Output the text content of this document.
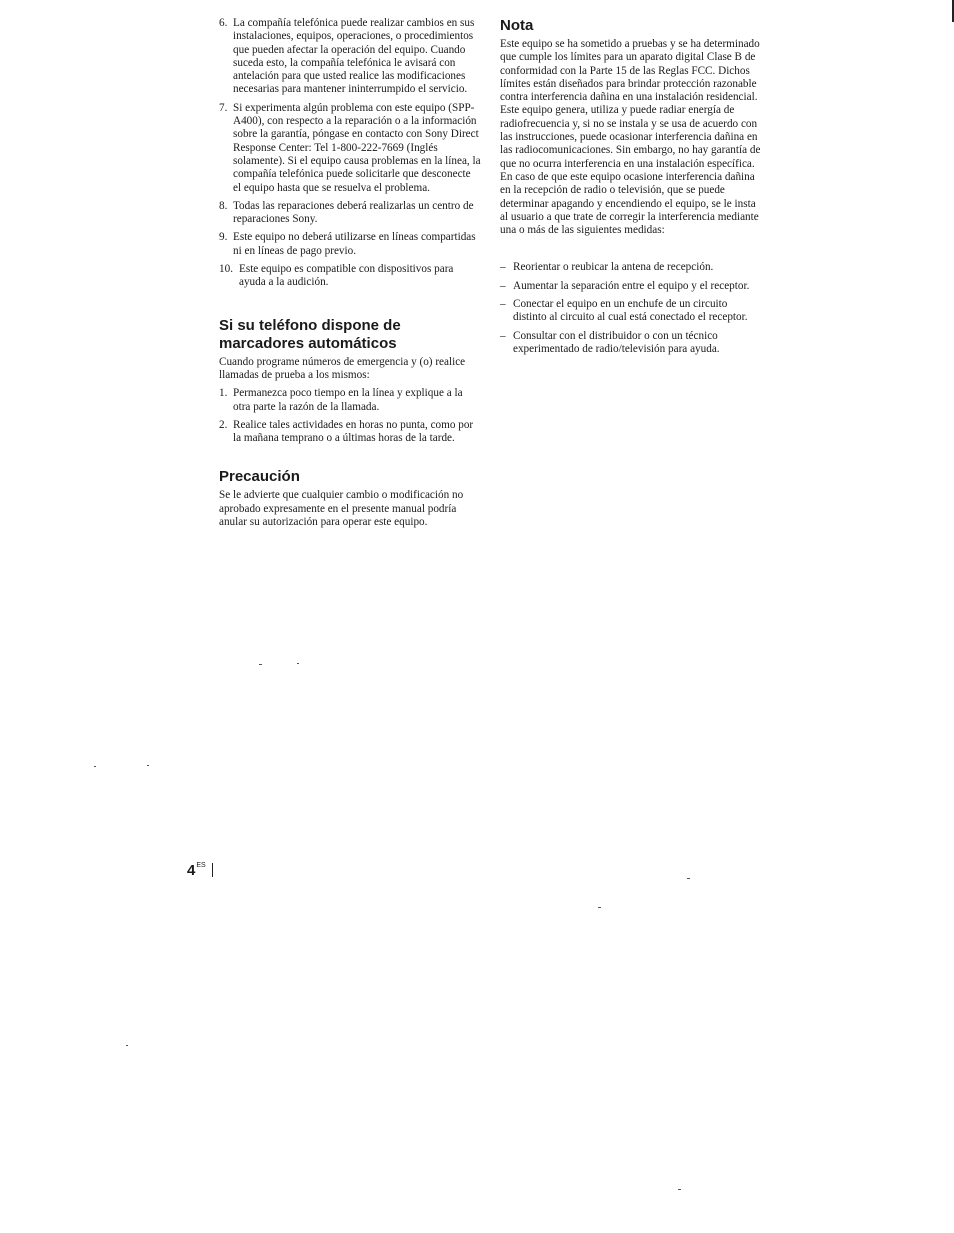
6. La compañía telefónica puede realizar cambios en sus instalaciones, equipos, operaciones, o procedimientos que pueden afectar la operación del equipo. Cuando suceda esto, la compañía telefónica le avisará con antelación para que usted realice las modificaciones necesarias para mantener ininterrumpido el servicio.
7. Si experimenta algún problema con este equipo (SPP-A400), con respecto a la reparación o a la información sobre la garantía, póngase en contacto con Sony Direct Response Center: Tel 1-800-222-7669 (Inglés solamente). Si el equipo causa problemas en la línea, la compañía telefónica puede solicitarle que desconecte el equipo hasta que se resuelva el problema.
8. Todas las reparaciones deberá realizarlas un centro de reparaciones Sony.
9. Este equipo no deberá utilizarse en líneas compartidas ni en líneas de pago previo.
10. Este equipo es compatible con dispositivos para ayuda a la audición.
Si su teléfono dispone de marcadores automáticos

Cuando programe números de emergencia y (o) realice llamadas de prueba a los mismos:

1. Permanezca poco tiempo en la línea y explique a la otra parte la razón de la llamada.
2. Realice tales actividades en horas no punta, como por la mañana temprano o a últimas horas de la tarde.
Precaución

Se le advierte que cualquier cambio o modificación no aprobado expresamente en el presente manual podría anular su autorización para operar este equipo.

Nota

Este equipo se ha sometido a pruebas y se ha determinado que cumple los límites para un aparato digital Clase B de conformidad con la Parte 15 de las Reglas FCC. Dichos límites están diseñados para brindar protección razonable contra interferencia dañina en una instalación residencial. Este equipo genera, utiliza y puede radiar energía de radiofrecuencia y, si no se instala y se usa de acuerdo con las instrucciones, puede ocasionar interferencia dañina en las radiocomunicaciones. Sin embargo, no hay garantía de que no ocurra interferencia en una instalación específica. En caso de que este equipo ocasione interferencia dañina en la recepción de radio o televisión, que se puede determinar apagando y encendiendo el equipo, se le insta al usuario a que trate de corregir la interferencia mediante una o más de las siguientes medidas:

– Reorientar o reubicar la antena de recepción.
– Aumentar la separación entre el equipo y el receptor.
– Conectar el equipo en un enchufe de un circuito distinto al circuito al cual está conectado el receptor.
– Consultar con el distribuidor o con un técnico experimentado de radio/televisión para ayuda.
$4^{ES}$
